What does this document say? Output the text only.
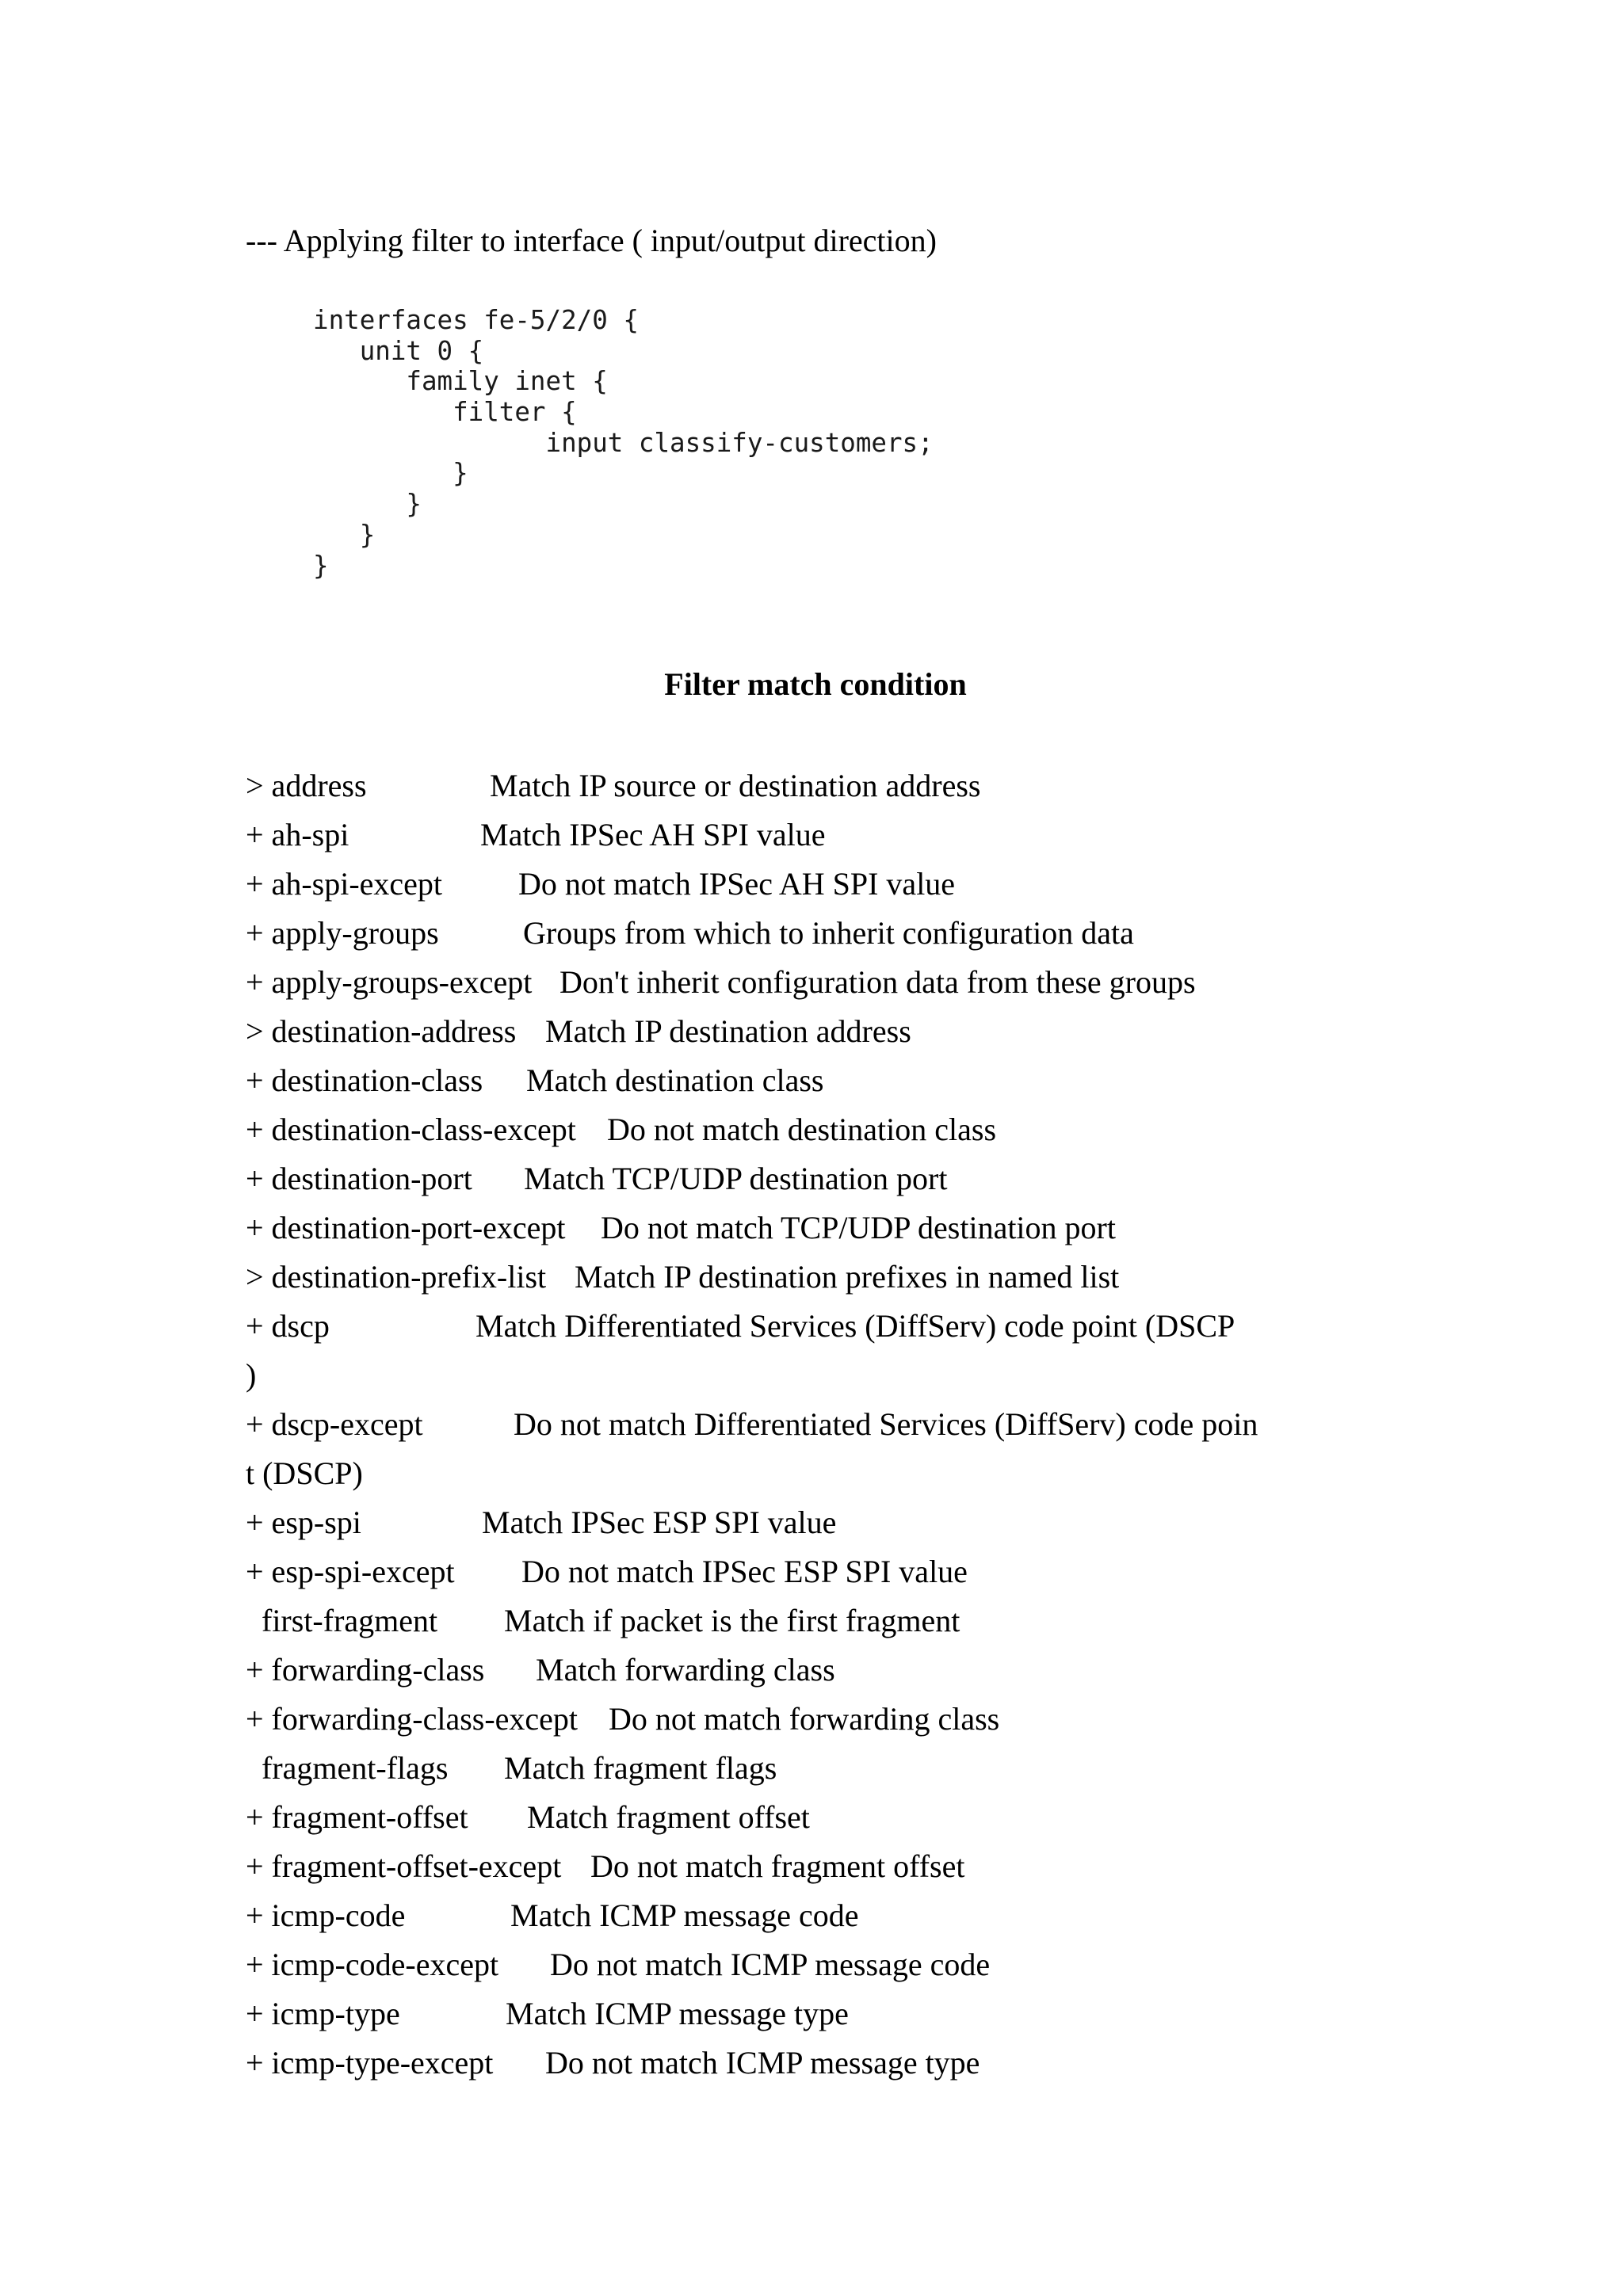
--- Applying filter to interface ( input/output direction)
interfaces fe-5/2/0 {
unit 0 {
family inet {
filter {
input classify-customers;
}
}
}
}
Filter match condition
> address	Match IP source or destination address
+ ah-spi	Match IPSec AH SPI value
+ ah-spi-except Do not match IPSec AH SPI value
+ apply-groups	Groups from which to inherit configuration data
+ apply-groups-except Don't inherit configuration data from these groups
> destination-address Match IP destination address
+ destination-class Match destination class
+ destination-class-except Do not match destination class
+ destination-port Match TCP/UDP destination port
+ destination-port-except Do not match TCP/UDP destination port
> destination-prefix-list Match IP destination prefixes in named list
+ dscp	Match Differentiated Services (DiffServ) code point (DSCP
)
+ dscp-except	Do not match Differentiated Services (DiffServ) code poin
t (DSCP)
+ esp-spi	Match IPSec ESP SPI value
+ esp-spi-except Do not match IPSec ESP SPI value
first-fragment Match if packet is the first fragment
+ forwarding-class Match forwarding class
+ forwarding-class-except Do not match forwarding class
fragment-flags Match fragment flags
+ fragment-offset Match fragment offset
+ fragment-offset-except Do not match fragment offset
+ icmp-code	Match ICMP message code
+ icmp-code-except Do not match ICMP message code
+ icmp-type	Match ICMP message type
+ icmp-type-except Do not match ICMP message type
